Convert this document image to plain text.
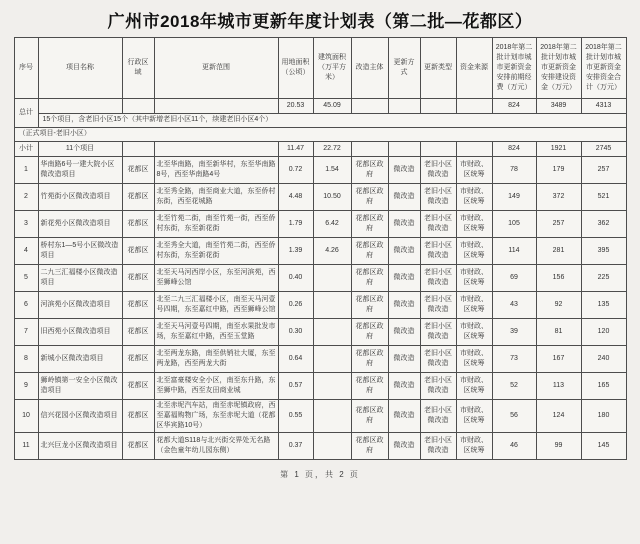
广州市2018年城市更新年度计划表（第二批—花都区）
序号	项目名称	行政区域	更新范围	用地面积（公顷）	建筑面积（万平方米）	改造主体	更新方式	更新类型	资金来源	2018年第二批计划市城市更新资金安排前期经费（万元）	2018年第二批计划市城市更新资金安排建设资金（万元）	2018年第二批计划市城市更新资金安排资金合计（万元）
总计				20.53	45.09					824	3489	4313
	15个项目，含老旧小区15个（其中新增老旧小区11个，续建老旧小区4个）											
（正式项目-老旧小区）												
小计	11个项目			11.47	22.72					824	1921	2745
1	华南路6号一建大院小区微改造项目	花都区	北至华南路，南至新华村，东至华南路8号，西至华南路4号	0.72	1.54	花都区政府	微改造	老旧小区微改造	市财政、区统筹	78	179	257
2	竹苑街小区微改造项目	花都区	北至秀全路，南至商业大道，东至侨村东街，西至花城路	4.48	10.50	花都区政府	微改造	老旧小区微改造	市财政、区统筹	149	372	521
3	新花苑小区微改造项目	花都区	北至竹苑二街，南至竹苑一街，西至侨村东街，东至新花街	1.79	6.42	花都区政府	微改造	老旧小区微改造	市财政、区统筹	105	257	362
4	桥村东1—5号小区微改造项目	花都区	北至秀全大道，南至竹苑二街，西至侨村东街，东至新花街	1.39	4.26	花都区政府	微改造	老旧小区微改造	市财政、区统筹	114	281	395
5	二九三汇福楼小区微改造项目	花都区	北至天马河西岸小区，东至河滨苑，西至狮峰公馆	0.40		花都区政府	微改造	老旧小区微改造	市财政、区统筹	69	156	225
6	河滨苑小区微改造项目	花都区	北至二九三汇福楼小区，南至天马河壹号四期，东至嘉红中路，西至狮峰公馆	0.26		花都区政府	微改造	老旧小区微改造	市财政、区统筹	43	92	135
7	旧西苑小区微改造项目	花都区	北至天马河壹号四期，南至水果批发市场，东至嘉红中路，西至玉堂路	0.30		花都区政府	微改造	老旧小区微改造	市财政、区统筹	39	81	120
8	新城小区微改造项目	花都区	北至两龙东路，南至供销社大厦，东至两龙路，西至两龙大街	0.64		花都区政府	微改造	老旧小区微改造	市财政、区统筹	73	167	240
9	狮岭镇第一安全小区微改造项目	花都区	北至富豪楼安全小区，南至东升路，东至狮中路，西至友田商业城	0.57		花都区政府	微改造	老旧小区微改造	市财政、区统筹	52	113	165
10	信兴花园小区微改造项目	花都区	北至赤坭汽车站，南至赤坭镇政府，西至嘉福购物广场，东至赤坭大道（花都区华宾路10号）	0.55		花都区政府	微改造	老旧小区微改造	市财政、区统筹	56	124	180
11	北兴巨龙小区微改造项目	花都区	花都大道S118与北兴街交界处无名路（金色童年幼儿园东侧）	0.37		花都区政府	微改造	老旧小区微改造	市财政、区统筹	46	99	145
第 1 页，共 2 页
